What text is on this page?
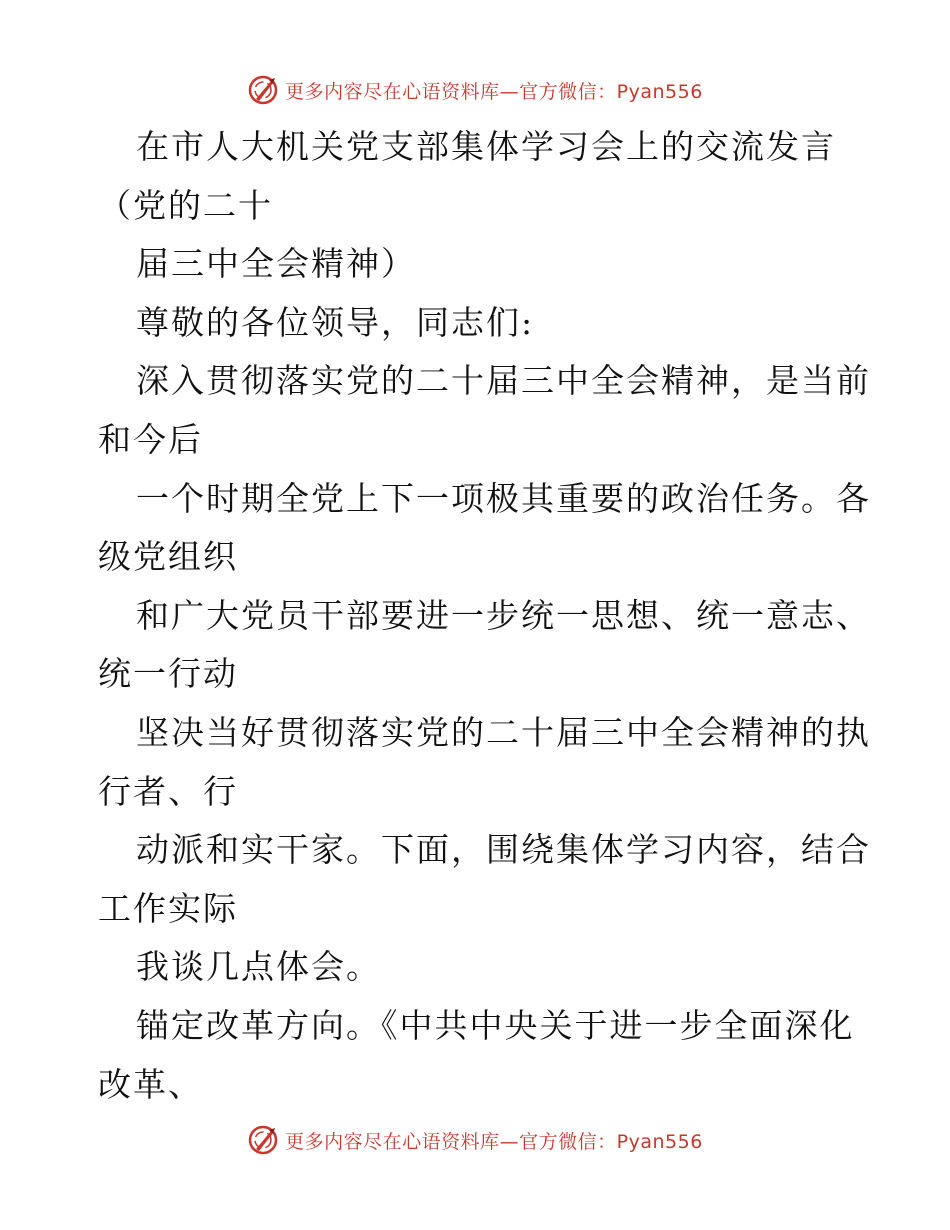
更多内容尽在心语资料库—官方微信：Pyan556
在市人大机关党支部集体学习会上的交流发言
（党的二十
届三中全会精神）
尊敬的各位领导，同志们:
深入贯彻落实党的二十届三中全会精神，是当前
和今后
一个时期全党上下一项极其重要的政治任务。各
级党组织
和广大党员干部要进一步统一思想、统一意志、
统一行动
坚决当好贯彻落实党的二十届三中全会精神的执
行者、行
动派和实干家。下面，围绕集体学习内容，结合
工作实际
我谈几点体会。
锚定改革方向。《中共中央关于进一步全面深化
改革、
更多内容尽在心语资料库—官方微信：Pyan556
